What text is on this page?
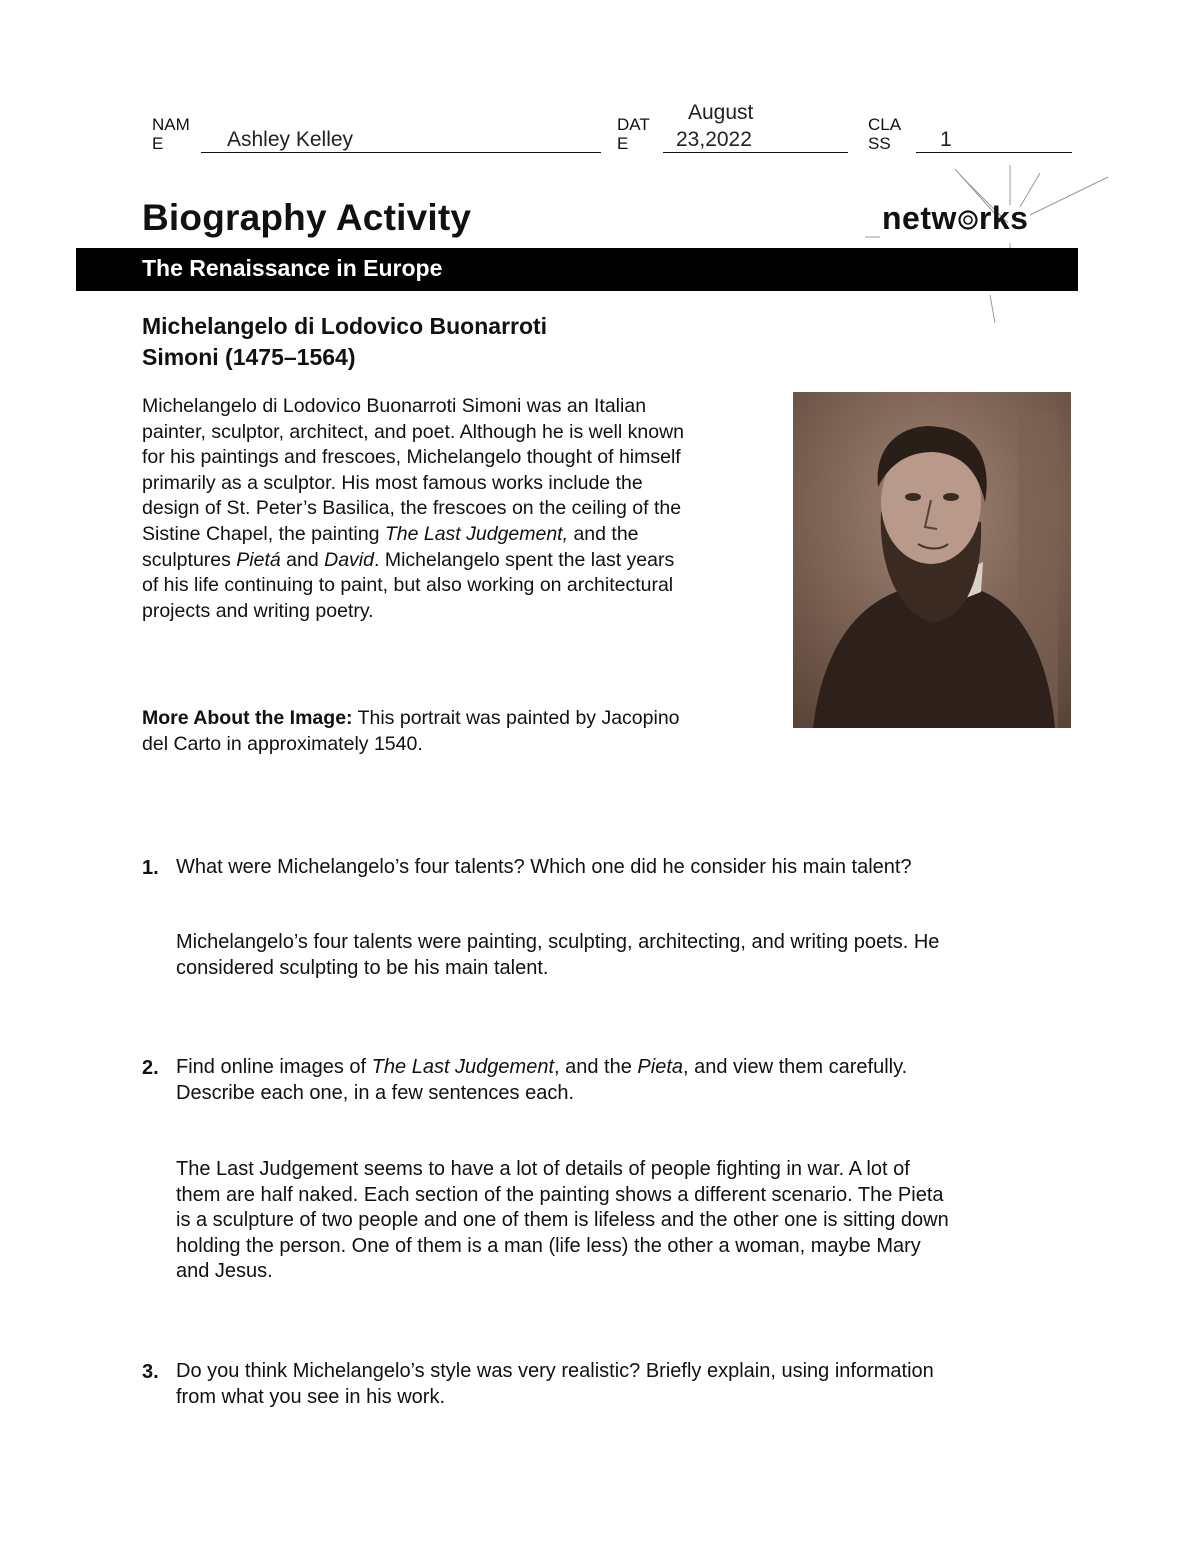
NAM
E	Ashley Kelley
DAT
E
August
23,2022
CLA
SS	1
Biography Activity	netw rks
The Renaissance in Europe
Michelangelo di Lodovico Buonarroti
Simoni (1475–1564)
Michelangelo di Lodovico Buonarroti Simoni was an Italian
painter, sculptor, architect, and poet. Although he is well known
for his paintings and frescoes, Michelangelo thought of himself
primarily as a sculptor. His most famous works include the
design of St. Peter’s Basilica, the frescoes on the ceiling of the
Sistine Chapel, the painting The Last Judgement, and the
sculptures Pietá and David. Michelangelo spent the last years
of his life continuing to paint, but also working on architectural
projects and writing poetry.
More About the Image: This portrait was painted by Jacopino
del Carto in approximately 1540.
1. What were Michelangelo’s four talents? Which one did he consider his main talent?
Michelangelo’s four talents were painting, sculpting, architecting, and writing poets. He
considered sculpting to be his main talent.
2. Find online images of The Last Judgement, and the Pieta, and view them carefully.
Describe each one, in a few sentences each.
The Last Judgement seems to have a lot of details of people fighting in war. A lot of
them are half naked. Each section of the painting shows a different scenario. The Pieta
is a sculpture of two people and one of them is lifeless and the other one is sitting down
holding the person. One of them is a man (life less) the other a woman, maybe Mary
and Jesus.
3. Do you think Michelangelo’s style was very realistic? Briefly explain, using information
from what you see in his work.
